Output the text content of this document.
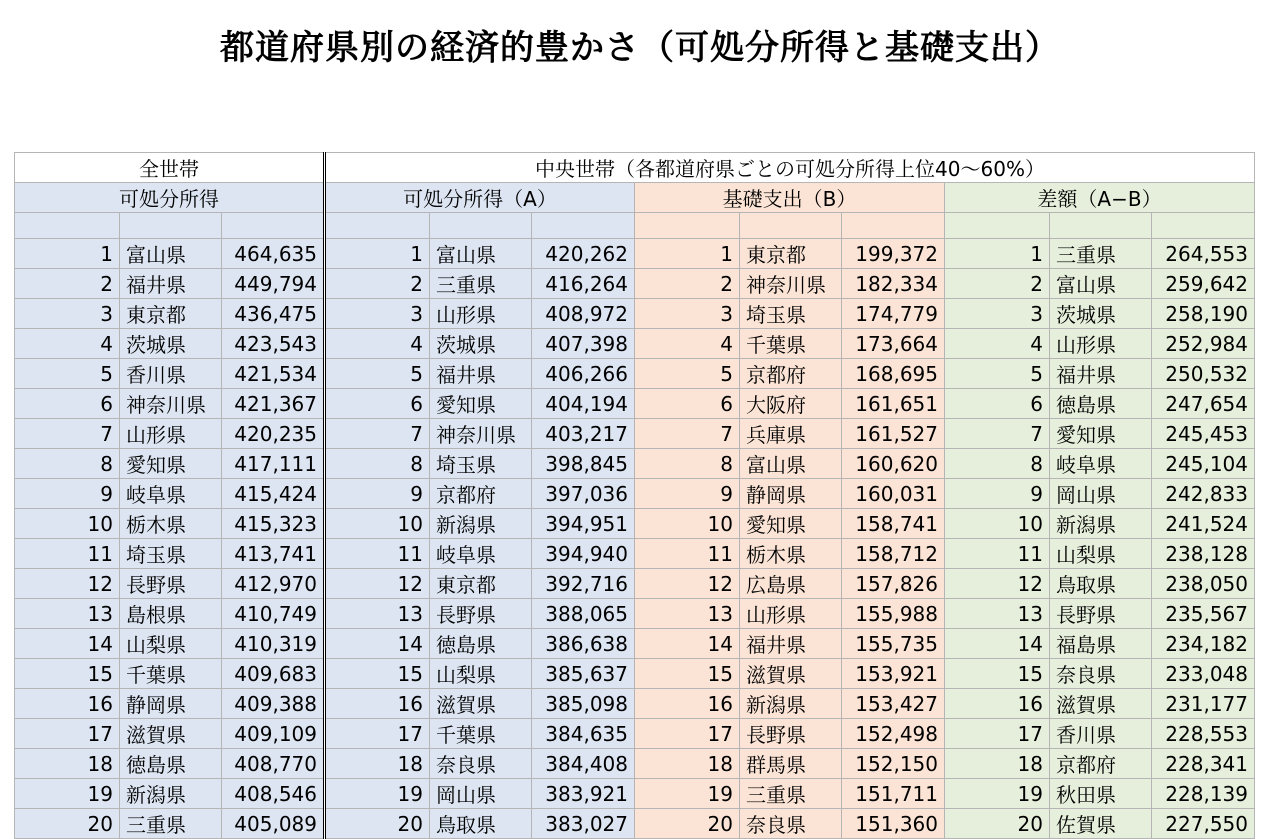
都道府県別の経済的豊かさ（可処分所得と基礎支出）
全世帯			中央世帯（各都道府県ごとの可処分所得上位40〜60%）								
可処分所得			可処分所得（A）			基礎支出（B）			差額（A−B）		

1	富山県	464,635	1	富山県	420,262	1	東京都	199,372	1	三重県	264,553
2	福井県	449,794	2	三重県	416,264	2	神奈川県	182,334	2	富山県	259,642
3	東京都	436,475	3	山形県	408,972	3	埼玉県	174,779	3	茨城県	258,190
4	茨城県	423,543	4	茨城県	407,398	4	千葉県	173,664	4	山形県	252,984
5	香川県	421,534	5	福井県	406,266	5	京都府	168,695	5	福井県	250,532
6	神奈川県	421,367	6	愛知県	404,194	6	大阪府	161,651	6	徳島県	247,654
7	山形県	420,235	7	神奈川県	403,217	7	兵庫県	161,527	7	愛知県	245,453
8	愛知県	417,111	8	埼玉県	398,845	8	富山県	160,620	8	岐阜県	245,104
9	岐阜県	415,424	9	京都府	397,036	9	静岡県	160,031	9	岡山県	242,833
10	栃木県	415,323	10	新潟県	394,951	10	愛知県	158,741	10	新潟県	241,524
11	埼玉県	413,741	11	岐阜県	394,940	11	栃木県	158,712	11	山梨県	238,128
12	長野県	412,970	12	東京都	392,716	12	広島県	157,826	12	鳥取県	238,050
13	島根県	410,749	13	長野県	388,065	13	山形県	155,988	13	長野県	235,567
14	山梨県	410,319	14	徳島県	386,638	14	福井県	155,735	14	福島県	234,182
15	千葉県	409,683	15	山梨県	385,637	15	滋賀県	153,921	15	奈良県	233,048
16	静岡県	409,388	16	滋賀県	385,098	16	新潟県	153,427	16	滋賀県	231,177
17	滋賀県	409,109	17	千葉県	384,635	17	長野県	152,498	17	香川県	228,553
18	徳島県	408,770	18	奈良県	384,408	18	群馬県	152,150	18	京都府	228,341
19	新潟県	408,546	19	岡山県	383,921	19	三重県	151,711	19	秋田県	228,139
20	三重県	405,089	20	鳥取県	383,027	20	奈良県	151,360	20	佐賀県	227,550
